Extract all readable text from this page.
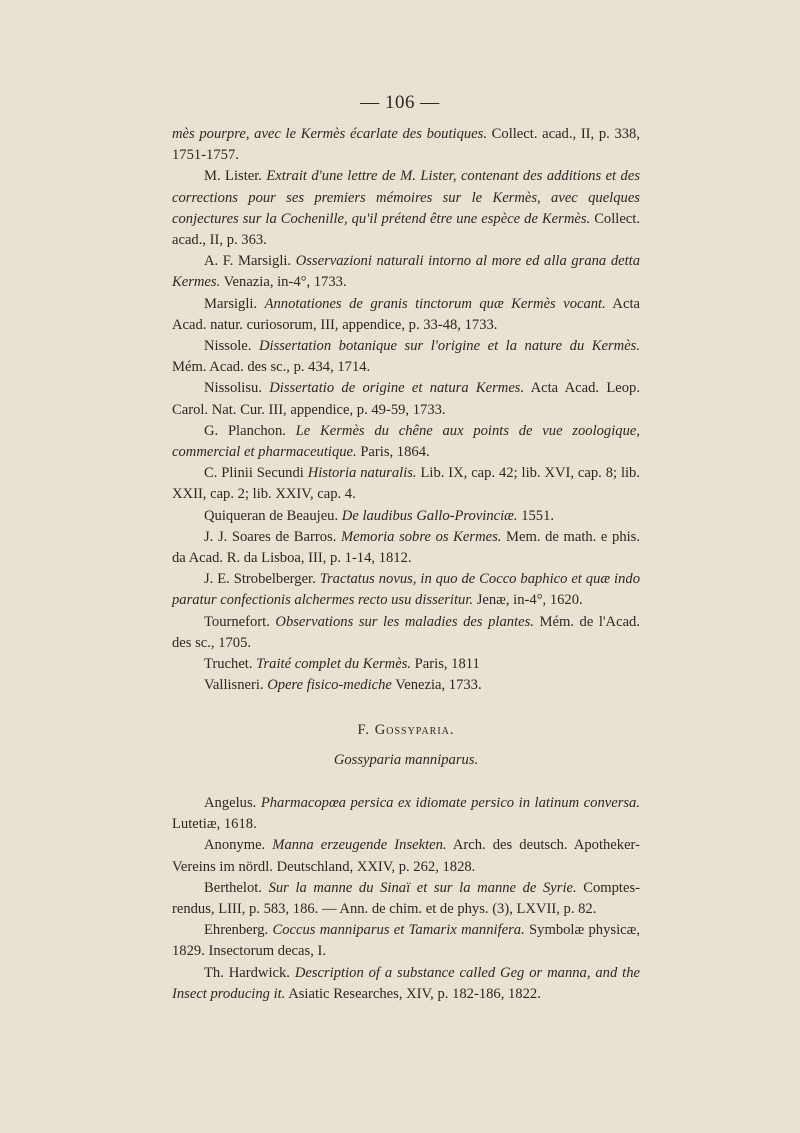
— 106 —

mès pourpre, avec le Kermès écarlate des boutiques. Collect. acad., II, p. 338, 1751-1757.

M. Lister. Extrait d'une lettre de M. Lister, contenant des additions et des corrections pour ses premiers mémoires sur le Kermès, avec quelques conjectures sur la Cochenille, qu'il prétend être une espèce de Kermès. Collect. acad., II, p. 363.

A. F. Marsigli. Osservazioni naturali intorno al more ed alla grana detta Kermes. Venazia, in-4°, 1733.

Marsigli. Annotationes de granis tinctorum quæ Kermès vocant. Acta Acad. natur. curiosorum, III, appendice, p. 33-48, 1733.

Nissole. Dissertation botanique sur l'origine et la nature du Kermès. Mém. Acad. des sc., p. 434, 1714.

Nissolisu. Dissertatio de origine et natura Kermes. Acta Acad. Leop. Carol. Nat. Cur. III, appendice, p. 49-59, 1733.

G. Planchon. Le Kermès du chêne aux points de vue zoologique, commercial et pharmaceutique. Paris, 1864.

C. Plinii Secundi Historia naturalis. Lib. IX, cap. 42; lib. XVI, cap. 8; lib. XXII, cap. 2; lib. XXIV, cap. 4.

Quiqueran de Beaujeu. De laudibus Gallo-Provinciæ. 1551.

J. J. Soares de Barros. Memoria sobre os Kermes. Mem. de math. e phis. da Acad. R. da Lisboa, III, p. 1-14, 1812.

J. E. Strobelberger. Tractatus novus, in quo de Cocco baphico et quæ indo paratur confectionis alchermes recto usu disseritur. Jenæ, in-4°, 1620.

Tournefort. Observations sur les maladies des plantes. Mém. de l'Acad. des sc., 1705.

Truchet. Traité complet du Kermès. Paris, 1811

Vallisneri. Opere fisico-mediche Venezia, 1733.

F. Gossyparia.
Gossyparia manniparus.

Angelus. Pharmacopœa persica ex idiomate persico in latinum conversa. Lutetiæ, 1618.

Anonyme. Manna erzeugende Insekten. Arch. des deutsch. Apotheker-Vereins im nördl. Deutschland, XXIV, p. 262, 1828.

Berthelot. Sur la manne du Sinaï et sur la manne de Syrie. Comptes-rendus, LIII, p. 583, 186. — Ann. de chim. et de phys. (3), LXVII, p. 82.

Ehrenberg. Coccus manniparus et Tamarix mannifera. Symbolæ physicæ, 1829. Insectorum decas, I.

Th. Hardwick. Description of a substance called Geg or manna, and the Insect producing it. Asiatic Researches, XIV, p. 182-186, 1822.
